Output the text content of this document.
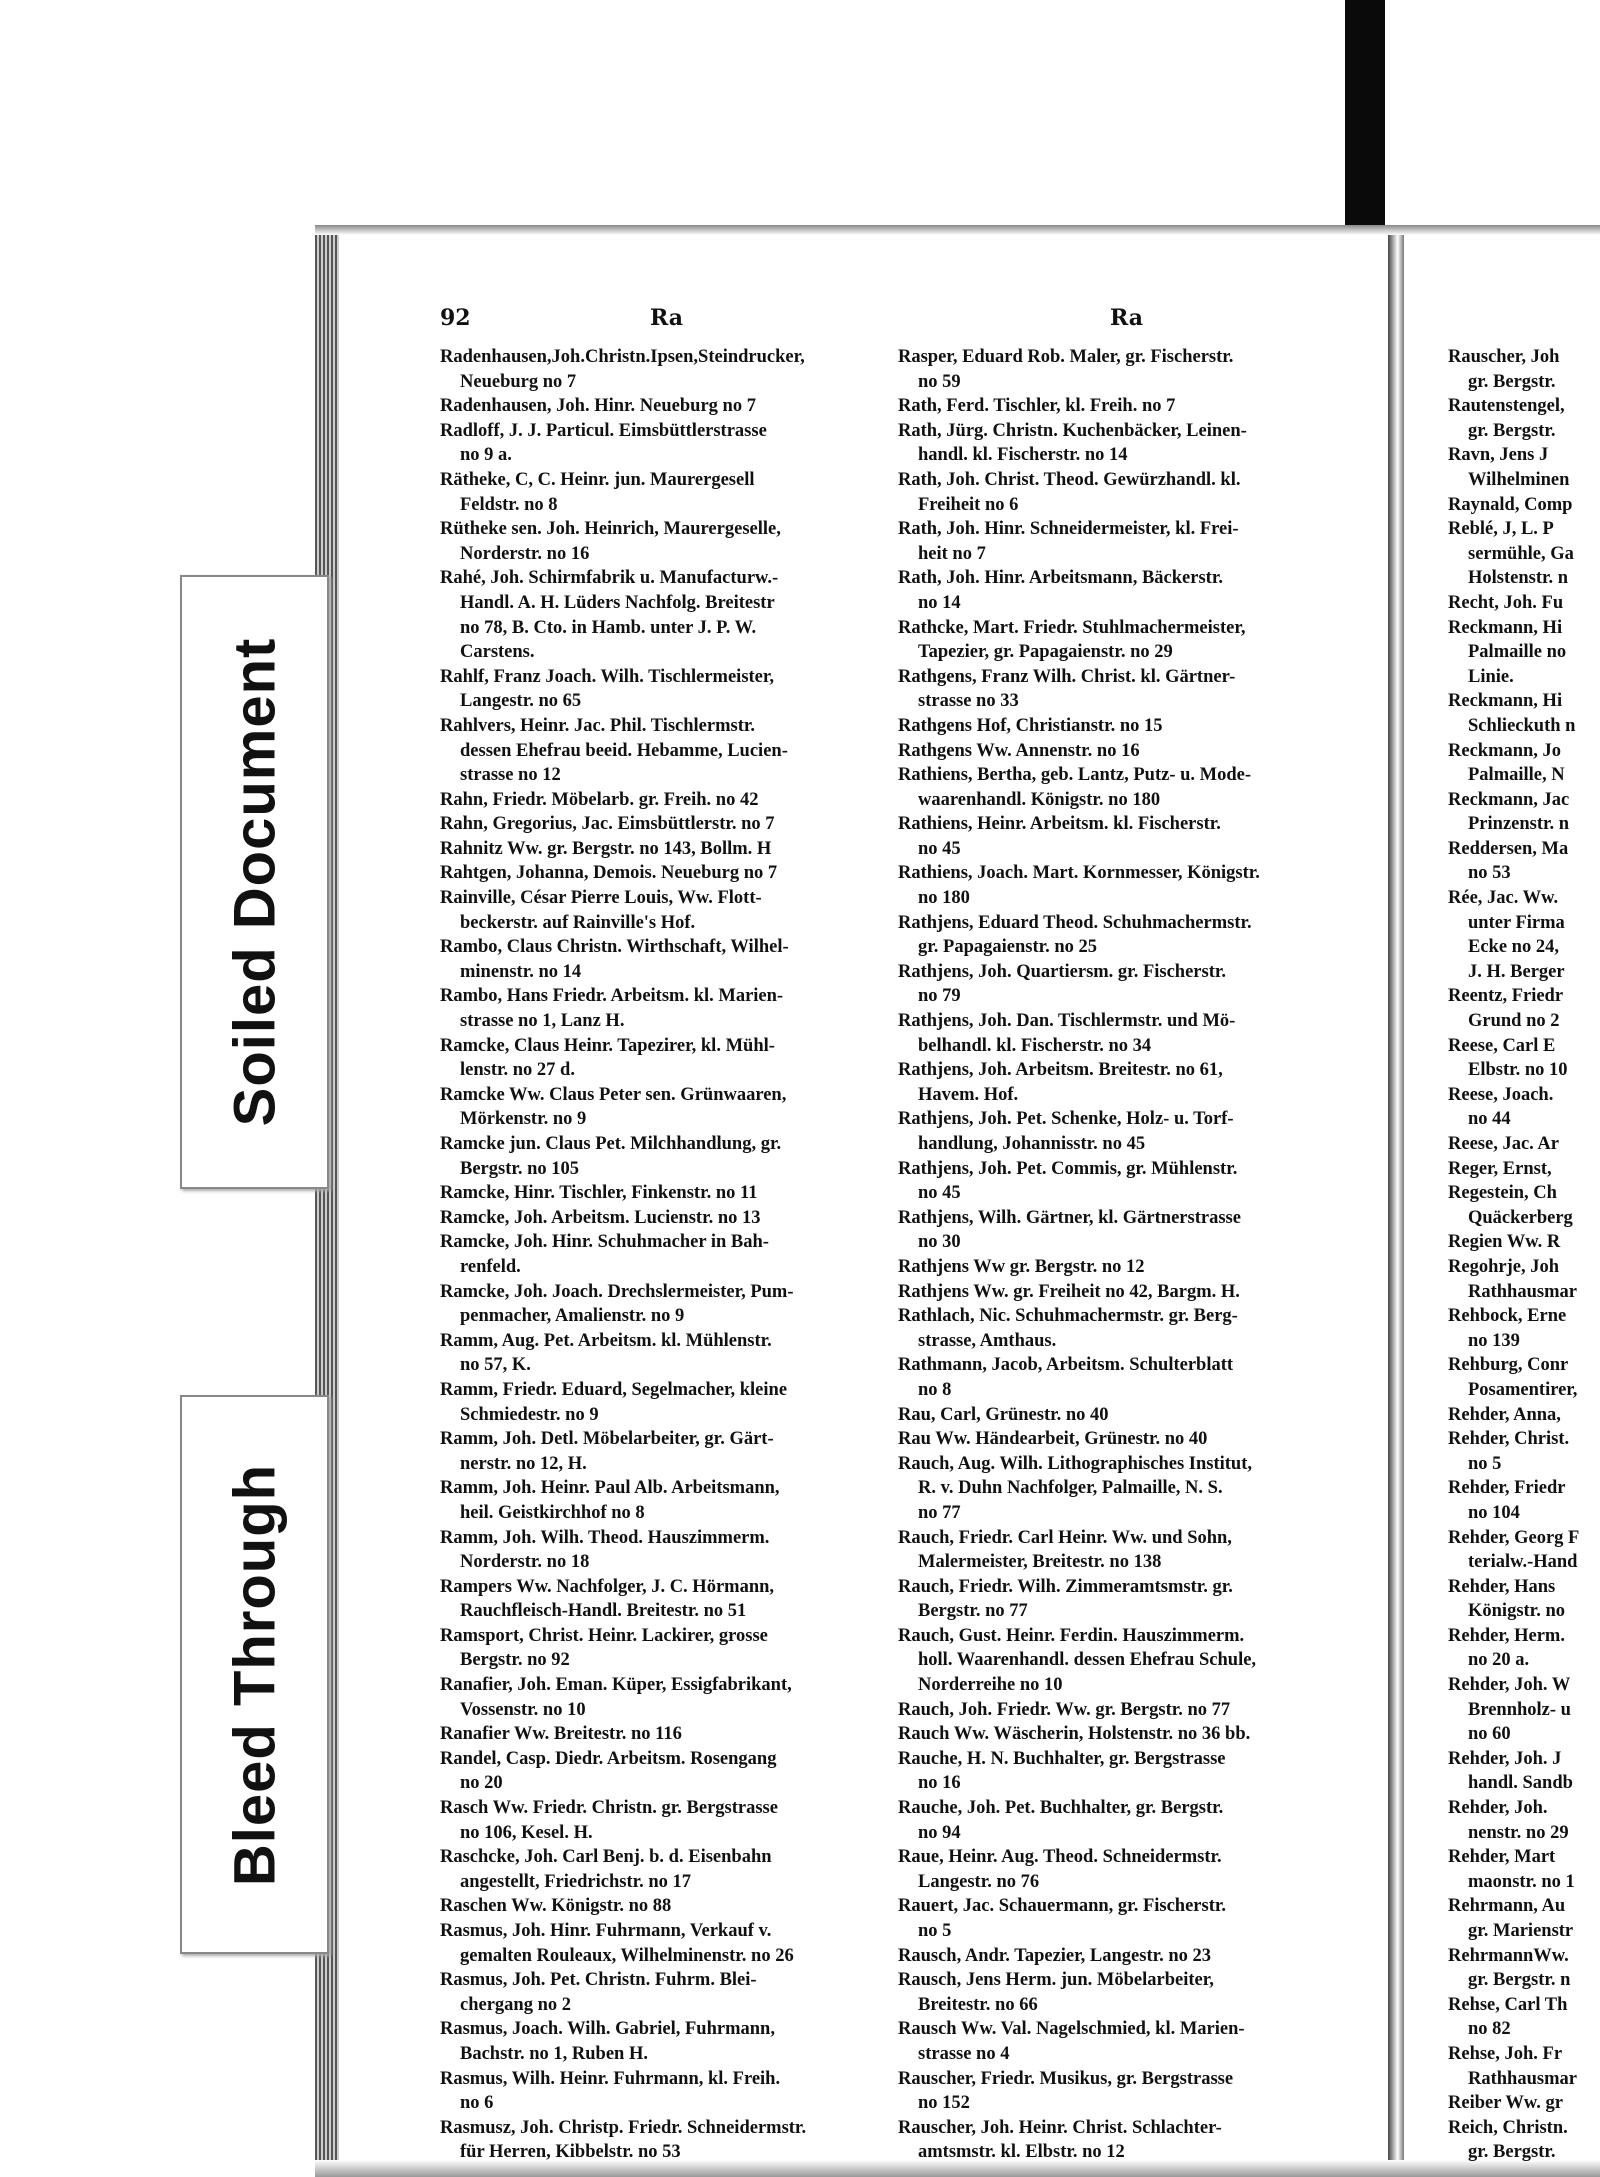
Soiled Document
Bleed Through
92	Ra	Ra
Radenhausen,Joh.Christn.Ipsen,Steindrucker,
Neueburg no 7
Radenhausen, Joh. Hinr. Neueburg no 7
Radloff, J. J. Particul. Eimsbüttlerstrasse
no 9 a.
Rätheke, C, C. Heinr. jun. Maurergesell
Feldstr. no 8
Rütheke sen. Joh. Heinrich, Maurergeselle,
Norderstr. no 16
Rahé, Joh. Schirmfabrik u. Manufacturw.-
Handl. A. H. Lüders Nachfolg. Breitestr
no 78, B. Cto. in Hamb. unter J. P. W.
Carstens.
Rahlf, Franz Joach. Wilh. Tischlermeister,
Langestr. no 65
Rahlvers, Heinr. Jac. Phil. Tischlermstr.
dessen Ehefrau beeid. Hebamme, Lucien-
strasse no 12
Rahn, Friedr. Möbelarb. gr. Freih. no 42
Rahn, Gregorius, Jac. Eimsbüttlerstr. no 7
Rahnitz Ww. gr. Bergstr. no 143, Bollm. H
Rahtgen, Johanna, Demois. Neueburg no 7
Rainville, César Pierre Louis, Ww. Flott-
beckerstr. auf Rainville's Hof.
Rambo, Claus Christn. Wirthschaft, Wilhel-
minenstr. no 14
Rambo, Hans Friedr. Arbeitsm. kl. Marien-
strasse no 1, Lanz H.
Ramcke, Claus Heinr. Tapezirer, kl. Mühl-
lenstr. no 27 d.
Ramcke Ww. Claus Peter sen. Grünwaaren,
Mörkenstr. no 9
Ramcke jun. Claus Pet. Milchhandlung, gr.
Bergstr. no 105
Ramcke, Hinr. Tischler, Finkenstr. no 11
Ramcke, Joh. Arbeitsm. Lucienstr. no 13
Ramcke, Joh. Hinr. Schuhmacher in Bah-
renfeld.
Ramcke, Joh. Joach. Drechslermeister, Pum-
penmacher, Amalienstr. no 9
Ramm, Aug. Pet. Arbeitsm. kl. Mühlenstr.
no 57, K.
Ramm, Friedr. Eduard, Segelmacher, kleine
Schmiedestr. no 9
Ramm, Joh. Detl. Möbelarbeiter, gr. Gärt-
nerstr. no 12, H.
Ramm, Joh. Heinr. Paul Alb. Arbeitsmann,
heil. Geistkirchhof no 8
Ramm, Joh. Wilh. Theod. Hauszimmerm.
Norderstr. no 18
Rampers Ww. Nachfolger, J. C. Hörmann,
Rauchfleisch-Handl. Breitestr. no 51
Ramsport, Christ. Heinr. Lackirer, grosse
Bergstr. no 92
Ranafier, Joh. Eman. Küper, Essigfabrikant,
Vossenstr. no 10
Ranafier Ww. Breitestr. no 116
Randel, Casp. Diedr. Arbeitsm. Rosengang
no 20
Rasch Ww. Friedr. Christn. gr. Bergstrasse
no 106, Kesel. H.
Raschcke, Joh. Carl Benj. b. d. Eisenbahn
angestellt, Friedrichstr. no 17
Raschen Ww. Königstr. no 88
Rasmus, Joh. Hinr. Fuhrmann, Verkauf v.
gemalten Rouleaux, Wilhelminenstr. no 26
Rasmus, Joh. Pet. Christn. Fuhrm. Blei-
chergang no 2
Rasmus, Joach. Wilh. Gabriel, Fuhrmann,
Bachstr. no 1, Ruben H.
Rasmus, Wilh. Heinr. Fuhrmann, kl. Freih.
no 6
Rasmusz, Joh. Christp. Friedr. Schneidermstr.
für Herren, Kibbelstr. no 53
Rasper, Eduard Rob. Maler, gr. Fischerstr.
no 59
Rath, Ferd. Tischler, kl. Freih. no 7
Rath, Jürg. Christn. Kuchenbäcker, Leinen-
handl. kl. Fischerstr. no 14
Rath, Joh. Christ. Theod. Gewürzhandl. kl.
Freiheit no 6
Rath, Joh. Hinr. Schneidermeister, kl. Frei-
heit no 7
Rath, Joh. Hinr. Arbeitsmann, Bäckerstr.
no 14
Rathcke, Mart. Friedr. Stuhlmachermeister,
Tapezier, gr. Papagaienstr. no 29
Rathgens, Franz Wilh. Christ. kl. Gärtner-
strasse no 33
Rathgens Hof, Christianstr. no 15
Rathgens Ww. Annenstr. no 16
Rathiens, Bertha, geb. Lantz, Putz- u. Mode-
waarenhandl. Königstr. no 180
Rathiens, Heinr. Arbeitsm. kl. Fischerstr.
no 45
Rathiens, Joach. Mart. Kornmesser, Königstr.
no 180
Rathjens, Eduard Theod. Schuhmachermstr.
gr. Papagaienstr. no 25
Rathjens, Joh. Quartiersm. gr. Fischerstr.
no 79
Rathjens, Joh. Dan. Tischlermstr. und Mö-
belhandl. kl. Fischerstr. no 34
Rathjens, Joh. Arbeitsm. Breitestr. no 61,
Havem. Hof.
Rathjens, Joh. Pet. Schenke, Holz- u. Torf-
handlung, Johannisstr. no 45
Rathjens, Joh. Pet. Commis, gr. Mühlenstr.
no 45
Rathjens, Wilh. Gärtner, kl. Gärtnerstrasse
no 30
Rathjens Ww gr. Bergstr. no 12
Rathjens Ww. gr. Freiheit no 42, Bargm. H.
Rathlach, Nic. Schuhmachermstr. gr. Berg-
strasse, Amthaus.
Rathmann, Jacob, Arbeitsm. Schulterblatt
no 8
Rau, Carl, Grünestr. no 40
Rau Ww. Händearbeit, Grünestr. no 40
Rauch, Aug. Wilh. Lithographisches Institut,
R. v. Duhn Nachfolger, Palmaille, N. S.
no 77
Rauch, Friedr. Carl Heinr. Ww. und Sohn,
Malermeister, Breitestr. no 138
Rauch, Friedr. Wilh. Zimmeramtsmstr. gr.
Bergstr. no 77
Rauch, Gust. Heinr. Ferdin. Hauszimmerm.
holl. Waarenhandl. dessen Ehefrau Schule,
Norderreihe no 10
Rauch, Joh. Friedr. Ww. gr. Bergstr. no 77
Rauch Ww. Wäscherin, Holstenstr. no 36 bb.
Rauche, H. N. Buchhalter, gr. Bergstrasse
no 16
Rauche, Joh. Pet. Buchhalter, gr. Bergstr.
no 94
Raue, Heinr. Aug. Theod. Schneidermstr.
Langestr. no 76
Rauert, Jac. Schauermann, gr. Fischerstr.
no 5
Rausch, Andr. Tapezier, Langestr. no 23
Rausch, Jens Herm. jun. Möbelarbeiter,
Breitestr. no 66
Rausch Ww. Val. Nagelschmied, kl. Marien-
strasse no 4
Rauscher, Friedr. Musikus, gr. Bergstrasse
no 152
Rauscher, Joh. Heinr. Christ. Schlachter-
amtsmstr. kl. Elbstr. no 12
Rauscher, Joh
gr. Bergstr.
Rautenstengel,
gr. Bergstr.
Ravn, Jens J
Wilhelminen
Raynald, Comp
Reblé, J, L. P
sermühle, Ga
Holstenstr. n
Recht, Joh. Fu
Reckmann, Hi
Palmaille no
Linie.
Reckmann, Hi
Schlieckuth n
Reckmann, Jo
Palmaille, N
Reckmann, Jac
Prinzenstr. n
Reddersen, Ma
no 53
Rée, Jac. Ww.
unter Firma
Ecke no 24,
J. H. Berger
Reentz, Friedr
Grund no 2
Reese, Carl E
Elbstr. no 10
Reese, Joach.
no 44
Reese, Jac. Ar
Reger, Ernst,
Regestein, Ch
Quäckerberg
Regien Ww. R
Regohrje, Joh
Rathhausmar
Rehbock, Erne
no 139
Rehburg, Conr
Posamentirer,
Rehder, Anna,
Rehder, Christ.
no 5
Rehder, Friedr
no 104
Rehder, Georg F
terialw.-Hand
Rehder, Hans
Königstr. no
Rehder, Herm.
no 20 a.
Rehder, Joh. W
Brennholz- u
no 60
Rehder, Joh. J
handl. Sandb
Rehder, Joh.
nenstr. no 29
Rehder, Mart
maonstr. no 1
Rehrmann, Au
gr. Marienstr
RehrmannWw.
gr. Bergstr. n
Rehse, Carl Th
no 82
Rehse, Joh. Fr
Rathhausmar
Reiber Ww. gr
Reich, Christn.
gr. Bergstr.
